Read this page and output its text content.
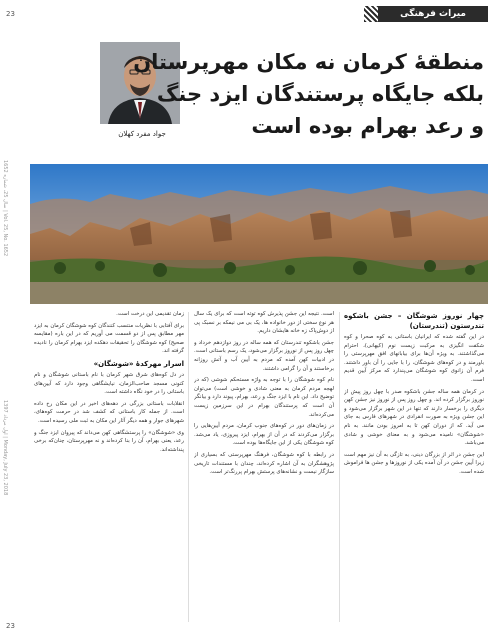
میراث فرهنگی
23
23
سال 25، شماره 1652 | Vol. 25, No. 1652
اول مرداد 1397 | Monday, July 23, 2018
جواد مفرد کهلان
منطقهٔ کرمان نه مکان مهرپرستان
بلکه جایگاه پرستندگان ایزد جنگ
و رعد بهرام بوده است
چهار نوروز شوشگان – جشن باشکوه تندرستون (تندرستان)

در این گفته شده که ایرانیان باستانی به کوه صحرا و کوه شکفت انگیزی به مرکبت زیست نوم (کیهانی)، احترام می‌گذاشتند. به ویژه آن‌ها برای بیابانهای افق مهرپرستی را باورمند و در کوه‌های شوشگان، را با جایی را آن باور داشتند. فرم آن زانوی کوه شوشگان می‌پندارد که مرکز آیین قدیم است.

در کرمان همه ساله جشن باشکوه صدر با چهل روز پیش از نوروز برگزار کرده اند. و چهل روز پس از نوروز نیز جشن کهن دیگری را برخسار دارند که تنها در این شهر برگزار می‌شود و این جشن ویژه به صورت انفرادی در شهرهای فارس به جای می آید. که از دوران کهن تا به امروز بودن مانند. به نام «شوشگان» نامیده می‌شود و به معنای خوشی و شادی می‌باشد.

این جشن در اثر از بزرگان دینی، به تازگی به آن نیز مهم است زیرا آیین جشن در آن آمده یکی از نوروزها و جشن ها فراموش شده است.

است. نتیجه این جشن پذیرش کوه توته است که برای یک سال هر نوع سختی از دور خانواده ها، یک بی می نیمکه بر نسبک پی از دوش‌پاک زه خانه هایشان داریم.

جشن باشکوه تندرستان که همه ساله در روز دوازدهم خرداد و چهل روز پس از نوروز برگزار می‌شود، یک رسم باستانی است. در ادبیات کهن آمده که مردم به آیین آب و آتش روزانه برخاستند و آن را گرامی داشتند.

نام کوه شوشگان را با توجه به واژه مستحکم شوشی (که در لهجه مردم کرمان به معنی شادی و خوشی است) می‌توان توضیح داد. این نام با ایزد جنگ و رعد، بهرام، پیوند دارد و بیانگر آن است که پرستندگان بهرام در این سرزمین زیست می‌کرده‌اند.

در زمان‌های دور در کوه‌های جنوب کرمان، مردم آیین‌هایی را برگزار می‌کردند که در آن از بهرام، ایزد پیروزی، یاد می‌شد. کوه شوشگان یکی از این جایگاه‌ها بوده است.

در رابطه با کوه شوشگان، فرهنگ مهرپرستی که بسیاری از پژوهشگران به آن اشاره کرده‌اند، چندان با مستندات تاریخی سازگار نیست و نشانه‌های پرستش بهرام پررنگ‌تر است.

زمان تقدیمی این درخت است.

برای آفتابی با نظریات منتسب کنندگان کوه شوشگان کرمان به ایزد مهر مطابق پس از دو قسمت می آوریم که در این باره (مقایسه صحیح) کوه شوشگان را تحقیقات دهکده ایزد بهرام کرمان را نادیده گرفته اند.

اسرار مهرکدهٔ «شوشگان»

در دل کوه‌های شرق شهر کرمان با نام باستانی شوشگان و نام کنونی مسجد صاحب‌الزمان، نیایشگاهی وجود دارد که آیین‌های باستانی را در خود نگاه داشته است.

انقلابات باستانی بزرگی در دهه‌های اخیر در این مکان رخ داده است. از جمله کار باستانی که کشف شد در حرمت کوه‌های، شهرهای جوار و همه دیگر آثار این مکان به ثبت ملی رسیده است.

وی «شوشگان» را پرستشگاهی کهن می‌داند که پیروان ایزد جنگ و رعد، یعنی بهرام، آن را بنا کرده‌اند و نه مهرپرستان، چنان‌که برخی پنداشته‌اند.
